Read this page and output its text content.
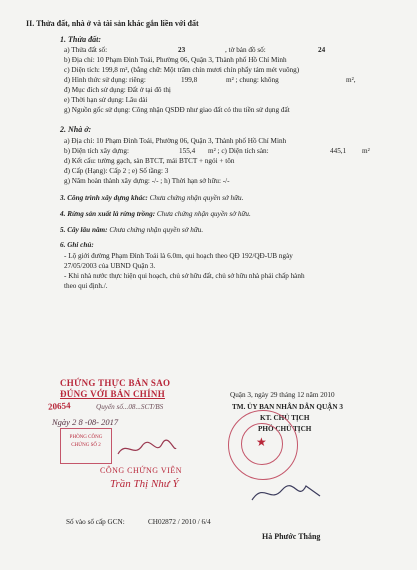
II. Thửa đất, nhà ở và tài sản khác gắn liền với đất
1. Thửa đất:
a) Thửa đất số:	23	, tờ bản đồ số:	24
b) Địa chỉ: 10 Phạm Đình Toái, Phường 06, Quận 3, Thành phố Hồ Chí Minh
c) Diện tích: 199,8 m², (bằng chữ: Một trăm chín mươi chín phẩy tám mét vuông)
d) Hình thức sử dụng: riêng:	199,8	m² ; chung: không	m²,
đ) Mục đích sử dụng: Đất ở tại đô thị
e) Thời hạn sử dụng: Lâu dài
g) Nguồn gốc sử dụng: Công nhận QSDĐ như giao đất có thu tiền sử dụng đất
2. Nhà ở:
a) Địa chỉ: 10 Phạm Đình Toái, Phường 06, Quận 3, Thành phố Hồ Chí Minh
b) Diện tích xây dựng:	155,4 m² ; c) Diện tích sàn:	445,1 m²
d) Kết cấu: tường gạch, sàn BTCT, mái BTCT + ngói + tôn
đ) Cấp (Hạng): Cấp 2 ; e) Số tầng: 3
g) Năm hoàn thành xây dựng: -/- ; h) Thời hạn sở hữu: -/-
3. Công trình xây dựng khác: Chưa chứng nhận quyền sở hữu.
4. Rừng sản xuất là rừng trồng: Chưa chứng nhận quyền sở hữu.
5. Cây lâu năm: Chưa chứng nhận quyền sở hữu.
6. Ghi chú:
- Lộ giới đường Phạm Đình Toái là 6.0m, qui hoạch theo QĐ 192/QĐ-UB ngày
27/05/2003 của UBND Quận 3.
- Khi nhà nước thực hiện qui hoạch, chủ sở hữu đất, chủ sở hữu nhà phải chấp hành
theo qui định./.
CHỨNG THỰC BẢN SAO
ĐÚNG VỚI BẢN CHÍNH
20654	Quyển số...08...SCT/BS
Ngày 2 8 -08- 2017
PHÒNG CÔNG CHỨNG SỐ 2
CÔNG CHỨNG VIÊN
Trần Thị Như Ý
Quận 3, ngày 29 tháng 12 năm 2010
TM. ỦY BAN NHÂN DÂN QUẬN 3
KT. CHỦ TỊCH
PHÓ CHỦ TỊCH
★
Hà Phước Thắng
Số vào sổ cấp GCN:	CH02872 / 2010 / 6/4
